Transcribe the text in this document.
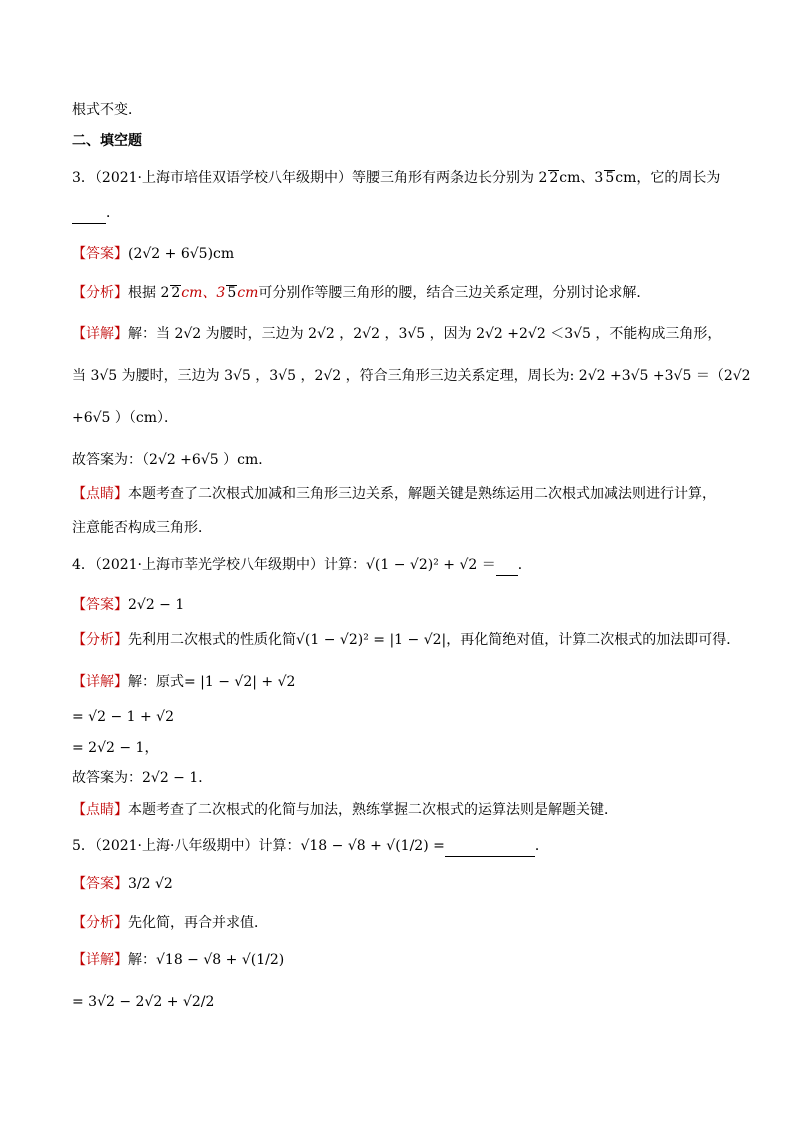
根式不变．
二、填空题
3．（2021·上海市培佳双语学校八年级期中）等腰三角形有两条边长分别为 2 2cm、3 5cm，它的周长为
．
【答案】(2√2 + 6√5)cm
【分析】根据 2 2cm、3 5cm可分别作等腰三角形的腰，结合三边关系定理，分别讨论求解．
【详解】解：当 2√2 为腰时，三边为 2√2 ，2√2 ，3√5 ，因为 2√2 +2√2 ＜3√5 ，不能构成三角形，
当 3√5 为腰时，三边为 3√5 ，3√5 ，2√2 ，符合三角形三边关系定理，周长为: 2√2 +3√5 +3√5 ＝（2√2
+6√5 ）（cm）．
故答案为：（2√2 +6√5 ）cm．
【点睛】本题考查了二次根式加减和三角形三边关系，解题关键是熟练运用二次根式加减法则进行计算，
注意能否构成三角形．
4．（2021·上海市莘光学校八年级期中）计算：√(1 − √2)² + √2 ＝ ．
【答案】2√2 − 1
【分析】先利用二次根式的性质化简√(1 − √2)² = |1 − √2|，再化简绝对值，计算二次根式的加法即可得．
【详解】解：原式= |1 − √2| + √2
= √2 − 1 + √2
= 2√2 − 1，
故答案为：2√2 − 1．
【点睛】本题考查了二次根式的化简与加法，熟练掌握二次根式的运算法则是解题关键．
5．（2021·上海·八年级期中）计算：√18 − √8 + √(1/2) =	．
【答案】3/2 √2
【分析】先化简，再合并求值．
【详解】解：√18 − √8 + √(1/2)
= 3√2 − 2√2 + √2/2
